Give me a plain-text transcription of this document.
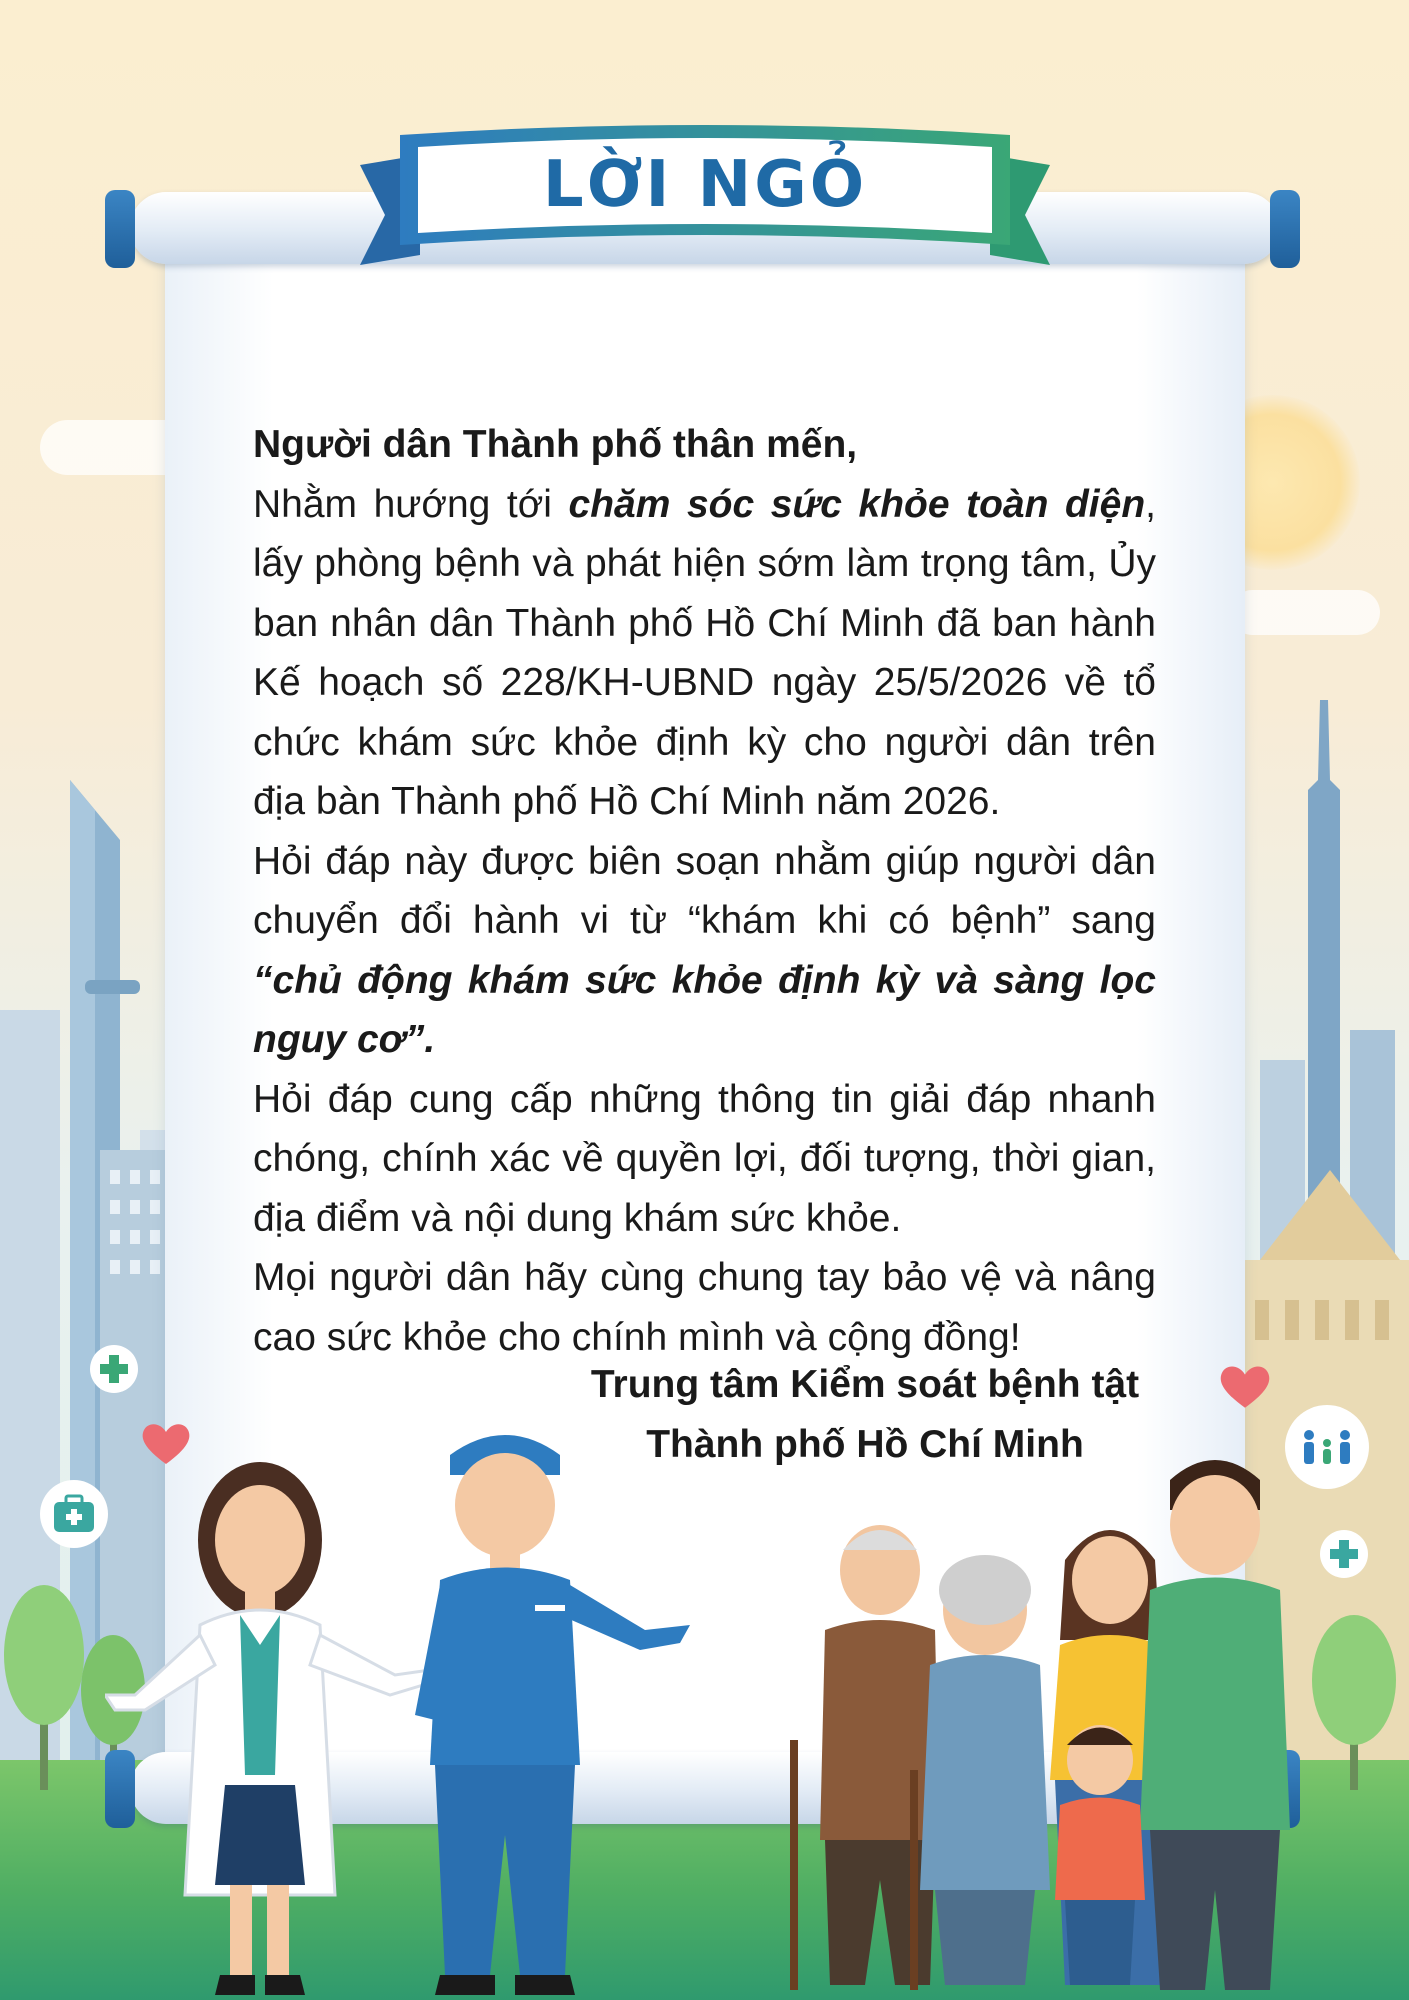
LỜI NGỎ

Người dân Thành phố thân mến,

Nhằm hướng tới chăm sóc sức khỏe toàn diện, lấy phòng bệnh và phát hiện sớm làm trọng tâm, Ủy ban nhân dân Thành phố Hồ Chí Minh đã ban hành Kế hoạch số 228/KH-UBND ngày 25/5/2026 về tổ chức khám sức khỏe định kỳ cho người dân trên địa bàn Thành phố Hồ Chí Minh năm 2026.

Hỏi đáp này được biên soạn nhằm giúp người dân chuyển đổi hành vi từ “khám khi có bệnh” sang “chủ động khám sức khỏe định kỳ và sàng lọc nguy cơ”.

Hỏi đáp cung cấp những thông tin giải đáp nhanh chóng, chính xác về quyền lợi, đối tượng, thời gian, địa điểm và nội dung khám sức khỏe.

Mọi người dân hãy cùng chung tay bảo vệ và nâng cao sức khỏe cho chính mình và cộng đồng!

Trung tâm Kiểm soát bệnh tật

Thành phố Hồ Chí Minh
